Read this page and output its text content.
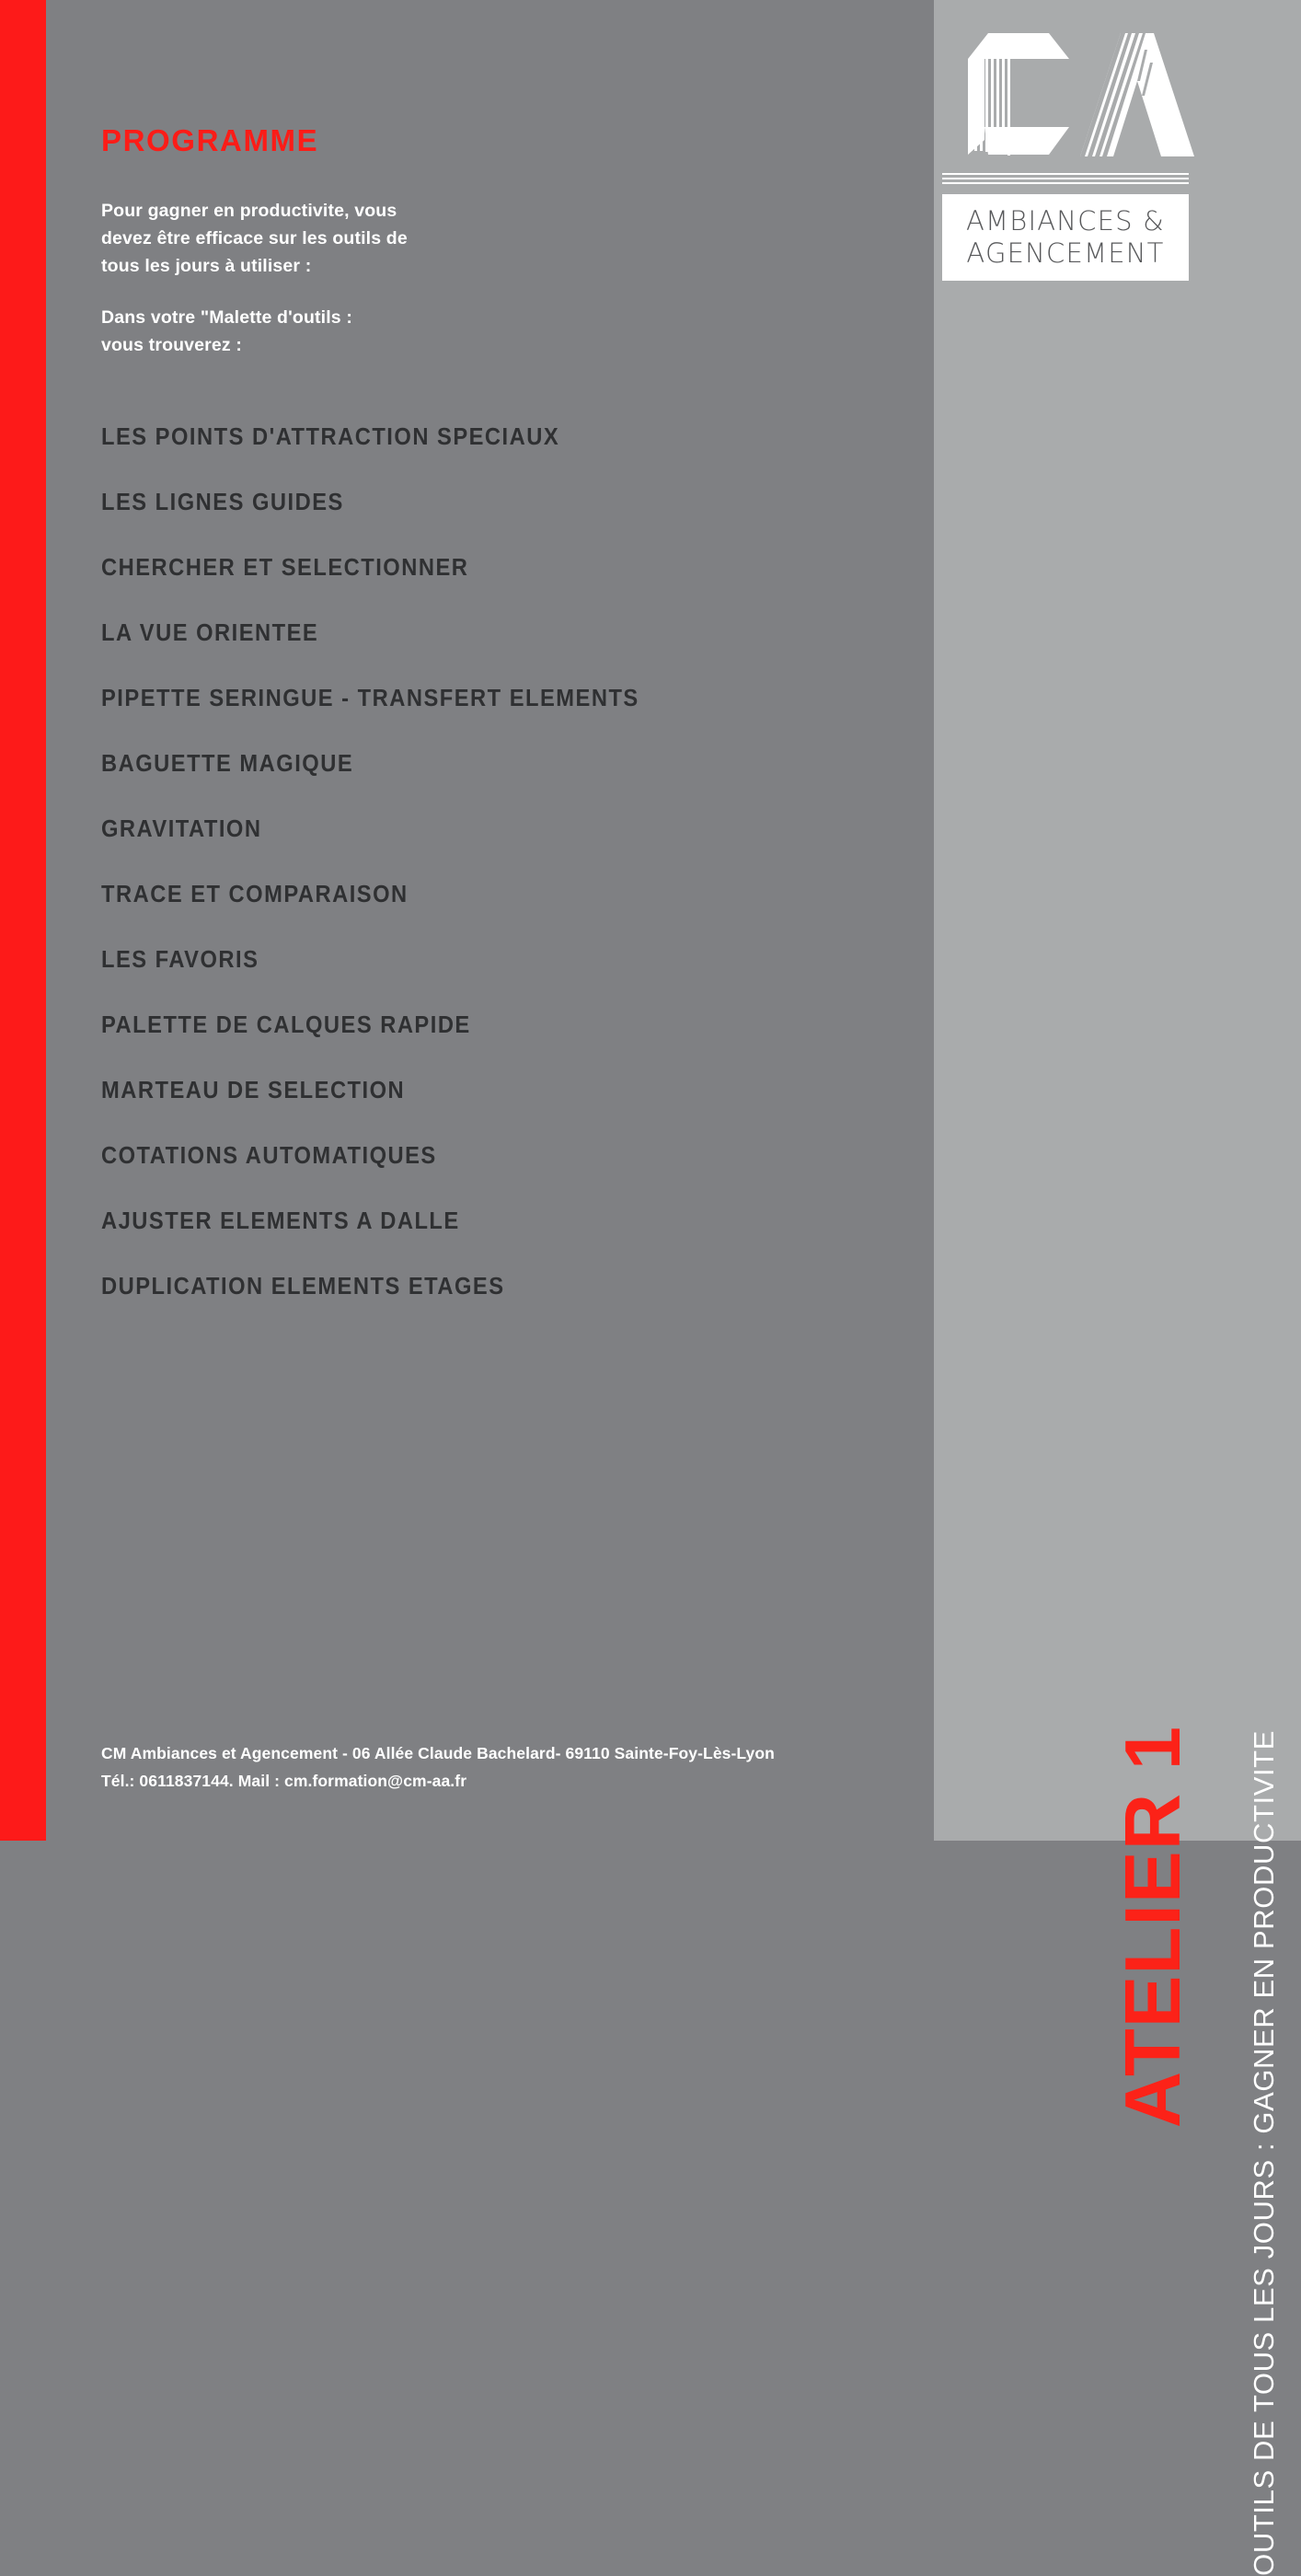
PROGRAMME

Pour gagner en productivite, vous

devez être efficace sur les outils de

tous les jours à utiliser :

Dans votre "Malette d'outils :

vous trouverez :

LES POINTS D'ATTRACTION SPECIAUX
LES LIGNES GUIDES
CHERCHER ET SELECTIONNER
LA VUE ORIENTEE
PIPETTE SERINGUE - TRANSFERT ELEMENTS
BAGUETTE MAGIQUE
GRAVITATION
TRACE ET COMPARAISON
LES FAVORIS
PALETTE DE CALQUES RAPIDE
MARTEAU DE SELECTION
COTATIONS AUTOMATIQUES
AJUSTER ELEMENTS A DALLE
DUPLICATION ELEMENTS ETAGES
CM Ambiances et Agencement - 06 Allée Claude Bachelard- 69110 Sainte-Foy-Lès-Lyon
Tél.: 0611837144. Mail : cm.formation@cm-aa.fr
AMBIANCES &
AGENCEMENT
OUTILS DE TOUS LES JOURS : GAGNER EN PRODUCTIVITE
ATELIER 1
